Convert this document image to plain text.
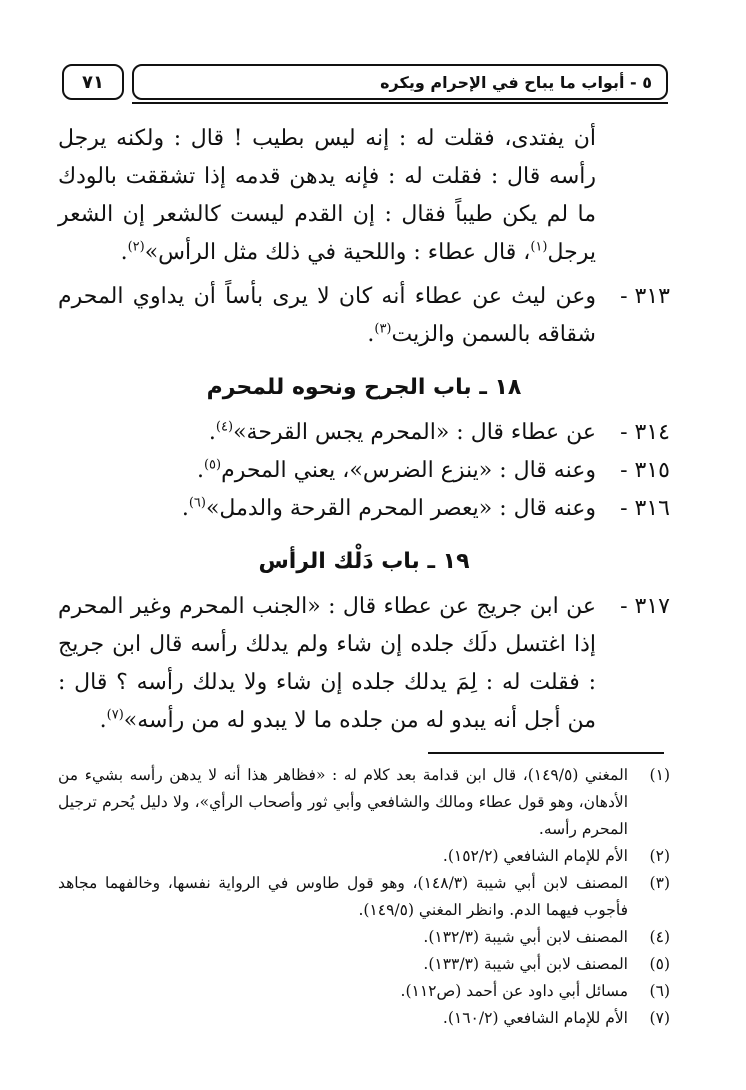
٧١	٥ - أبواب ما يباح في الإحرام ويكره

أن يفتدى، فقلت له : إنه ليس بطيب ! قال : ولكنه يرجل رأسه قال : فقلت له : فإنه يدهن قدمه إذا تشققت بالودك ما لم يكن طيباً فقال : إن القدم ليست كالشعر إن الشعر يرجل$^{(١)}$، قال عطاء : واللحية في ذلك مثل الرأس»$^{(٢)}$.

٣١٣ -
وعن ليث عن عطاء أنه كان لا يرى بأساً أن يداوي المحرم شقاقه بالسمن والزيت$^{(٣)}$.

١٨ ـ باب الجرح ونحوه للمحرم

٣١٤ -
عن عطاء قال : «المحرم يجس القرحة»$^{(٤)}$.

٣١٥ -
وعنه قال : «ينزع الضرس»، يعني المحرم$^{(٥)}$.

٣١٦ -
وعنه قال : «يعصر المحرم القرحة والدمل»$^{(٦)}$.

١٩ ـ باب دَلْك الرأس

٣١٧ -
عن ابن جريج عن عطاء قال : «الجنب المحرم وغير المحرم إذا اغتسل دلَك جلده إن شاء ولم يدلك رأسه قال ابن جريج : فقلت له : لِمَ يدلك جلده إن شاء ولا يدلك رأسه ؟ قال : من أجل أنه يبدو له من جلده ما لا يبدو له من رأسه»$^{(٧)}$.

(١)
المغني (١٤٩/٥)، قال ابن قدامة بعد كلام له : «فظاهر هذا أنه لا يدهن رأسه بشيء من الأدهان، وهو قول عطاء ومالك والشافعي وأبي ثور وأصحاب الرأي»، ولا دليل يُحرم ترجيل المحرم رأسه.

(٢)
الأم للإمام الشافعي (١٥٢/٢).

(٣)
المصنف لابن أبي شيبة (١٤٨/٣)، وهو قول طاوس في الرواية نفسها، وخالفهما مجاهد فأجوب فيهما الدم. وانظر المغني (١٤٩/٥).

(٤)
المصنف لابن أبي شيبة (١٣٢/٣).

(٥)
المصنف لابن أبي شيبة (١٣٣/٣).

(٦)
مسائل أبي داود عن أحمد (ص١١٢).

(٧)
الأم للإمام الشافعي (١٦٠/٢).
